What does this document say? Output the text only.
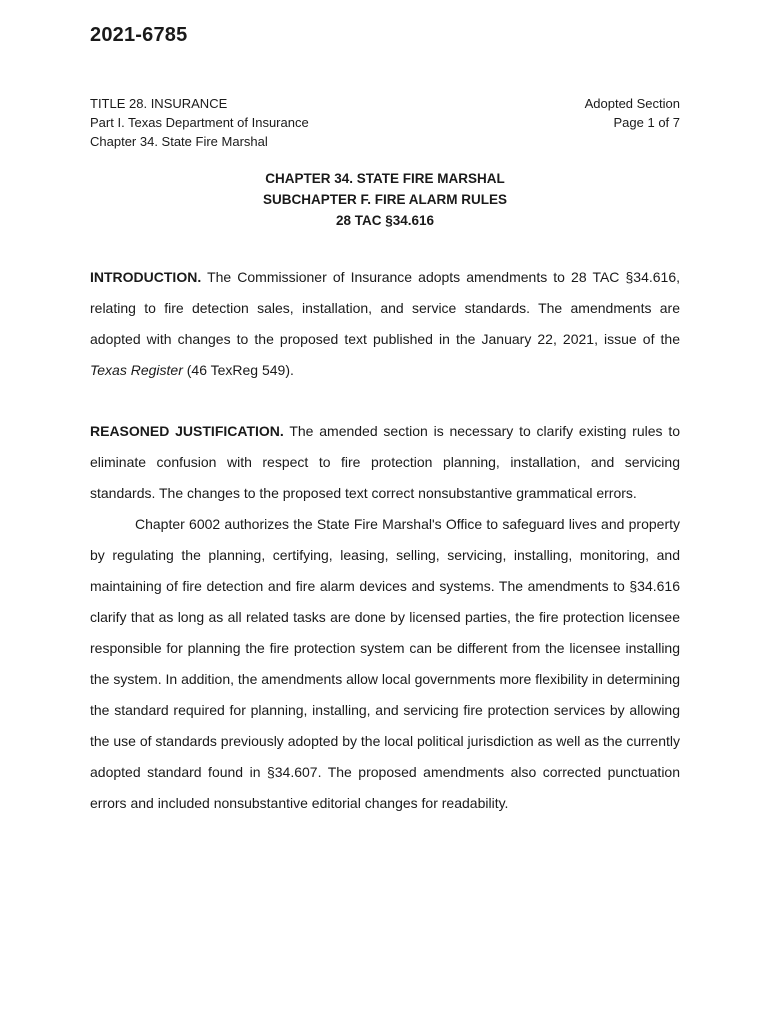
2021-6785
TITLE 28. INSURANCE
Part I. Texas Department of Insurance
Chapter 34. State Fire Marshal
Adopted Section
Page 1 of 7
CHAPTER 34. STATE FIRE MARSHAL
SUBCHAPTER F. FIRE ALARM RULES
28 TAC §34.616

INTRODUCTION. The Commissioner of Insurance adopts amendments to 28 TAC §34.616, relating to fire detection sales, installation, and service standards. The amendments are adopted with changes to the proposed text published in the January 22, 2021, issue of the Texas Register (46 TexReg 549).

REASONED JUSTIFICATION. The amended section is necessary to clarify existing rules to eliminate confusion with respect to fire protection planning, installation, and servicing standards. The changes to the proposed text correct nonsubstantive grammatical errors.
Chapter 6002 authorizes the State Fire Marshal's Office to safeguard lives and property by regulating the planning, certifying, leasing, selling, servicing, installing, monitoring, and maintaining of fire detection and fire alarm devices and systems. The amendments to §34.616 clarify that as long as all related tasks are done by licensed parties, the fire protection licensee responsible for planning the fire protection system can be different from the licensee installing the system. In addition, the amendments allow local governments more flexibility in determining the standard required for planning, installing, and servicing fire protection services by allowing the use of standards previously adopted by the local political jurisdiction as well as the currently adopted standard found in §34.607. The proposed amendments also corrected punctuation errors and included nonsubstantive editorial changes for readability.
